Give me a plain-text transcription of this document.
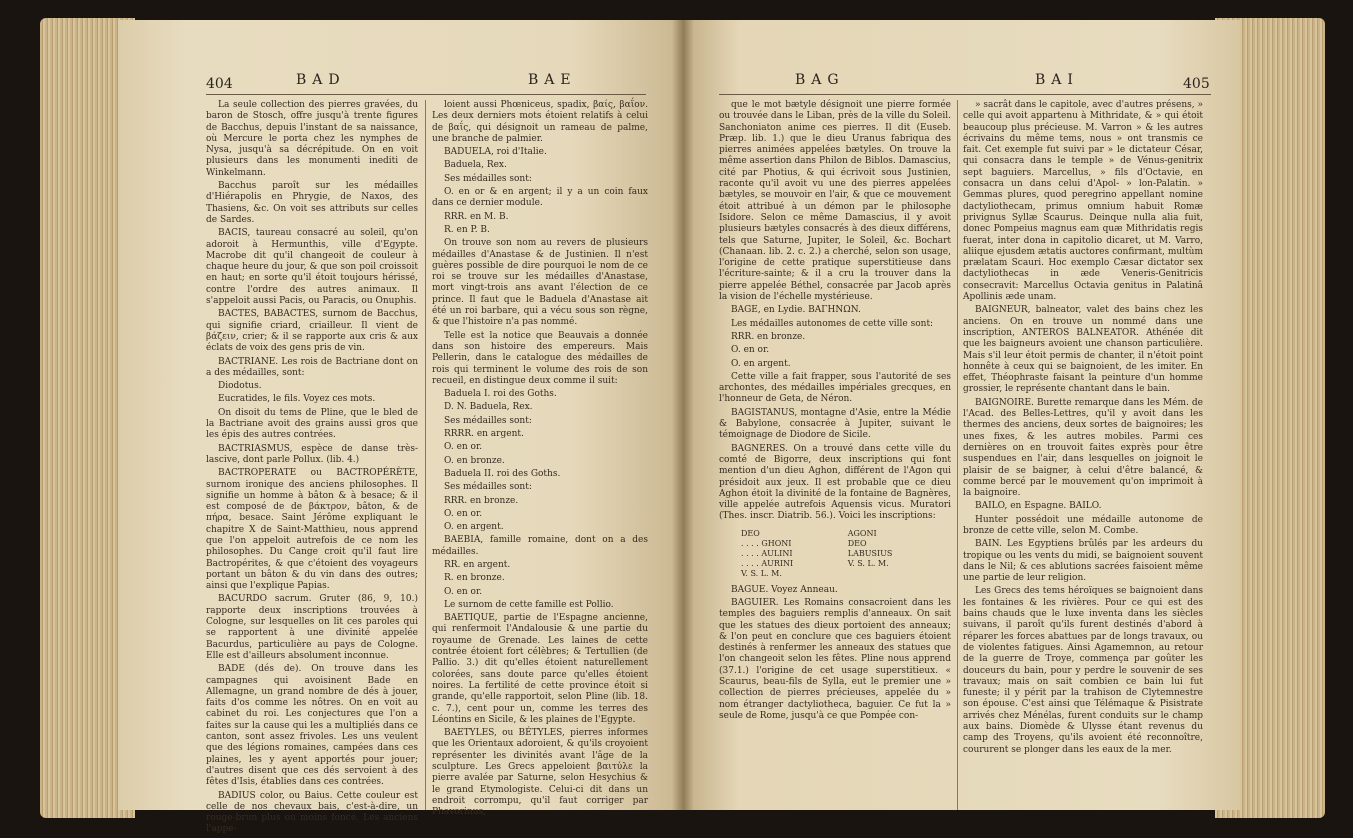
404	BAD	BAE

La seule collection des pierres gravées, du baron de Stosch, offre jusqu'à trente figures de Bacchus, depuis l'instant de sa naissance, où Mercure le porta chez les nymphes de Nysa, jusqu'à sa décrépitude. On en voit plusieurs dans les monumenti inediti de Winkelmann.

Bacchus paroît sur les médailles d'Hiérapolis en Phrygie, de Naxos, des Thasiens, &c. On voit ses attributs sur celles de Sardes.

BACIS, taureau consacré au soleil, qu'on adoroit à Hermunthis, ville d'Egypte. Macrobe dit qu'il changeoit de couleur à chaque heure du jour, & que son poil croissoit en haut; en sorte qu'il étoit toujours hérissé, contre l'ordre des autres animaux. Il s'appeloit aussi Pacis, ou Paracis, ou Onuphis.

BACTES, BABACTES, surnom de Bacchus, qui signifie criard, criailleur. Il vient de βάζειν, crier; & il se rapporte aux cris & aux éclats de voix des gens pris de vin.

BACTRIANE. Les rois de Bactriane dont on a des médailles, sont:

Diodotus.

Eucratides, le fils. Voyez ces mots.

On disoit du tems de Pline, que le bled de la Bactriane avoit des grains aussi gros que les épis des autres contrées.

BACTRIASMUS, espèce de danse très-lascive, dont parle Pollux. (lib. 4.)

BACTROPERATE ou BACTROPÉRÈTE, surnom ironique des anciens philosophes. Il signifie un homme à bâton & à besace; & il est composé de de βάκτρον, bâton, & de πήρα, besace. Saint Jérôme expliquant le chapitre X de Saint-Matthieu, nous apprend que l'on appeloit autrefois de ce nom les philosophes. Du Cange croit qu'il faut lire Bactropérites, & que c'étoient des voyageurs portant un bâton & du vin dans des outres; ainsi que l'explique Papias.

BACURDO sacrum. Gruter (86, 9, 10.) rapporte deux inscriptions trouvées à Cologne, sur lesquelles on lit ces paroles qui se rapportent à une divinité appelée Bacurdus, particulière au pays de Cologne. Elle est d'ailleurs absolument inconnue.

BADE (dés de). On trouve dans les campagnes qui avoisinent Bade en Allemagne, un grand nombre de dés à jouer, faits d'os comme les nôtres. On en voit au cabinet du roi. Les conjectures que l'on a faites sur la cause qui les a multipliés dans ce canton, sont assez frivoles. Les uns veulent que des légions romaines, campées dans ces plaines, les y ayent apportés pour jouer; d'autres disent que ces dés servoient à des fêtes d'Isis, établies dans ces contrées.

BADIUS color, ou Baius. Cette couleur est celle de nos chevaux bais, c'est-à-dire, un rouge-brun plus ou moins foncé. Les anciens l'appe-

loient aussi Phœniceus, spadix, βαίς, βαΐον. Les deux derniers mots étoient relatifs à celui de βαΐς, qui désignoit un rameau de palme, une branche de palmier.

BADUELA, roi d'Italie.

Baduela, Rex.

Ses médailles sont:

O. en or & en argent; il y a un coin faux dans ce dernier module.

RRR. en M. B.

R. en P. B.

On trouve son nom au revers de plusieurs médailles d'Anastase & de Justinien. Il n'est guères possible de dire pourquoi le nom de ce roi se trouve sur les médailles d'Anastase, mort vingt-trois ans avant l'élection de ce prince. Il faut que le Baduela d'Anastase ait été un roi barbare, qui a vécu sous son règne, & que l'histoire n'a pas nommé.

Telle est la notice que Beauvais a donnée dans son histoire des empereurs. Mais Pellerin, dans le catalogue des médailles de rois qui terminent le volume des rois de son recueil, en distingue deux comme il suit:

Baduela I. roi des Goths.

D. N. Baduela, Rex.

Ses médailles sont:

RRRR. en argent.

O. en or.

O. en bronze.

Baduela II. roi des Goths.

Ses médailles sont:

RRR. en bronze.

O. en or.

O. en argent.

BAEBIA, famille romaine, dont on a des médailles.

RR. en argent.

R. en bronze.

O. en or.

Le surnom de cette famille est Pollio.

BAETIQUE, partie de l'Espagne ancienne, qui renfermoit l'Andalousie & une partie du royaume de Grenade. Les laines de cette contrée étoient fort célèbres; & Tertullien (de Pallio. 3.) dit qu'elles étoient naturellement colorées, sans doute parce qu'elles étoient noires. La fertilité de cette province étoit si grande, qu'elle rapportoit, selon Pline (lib. 18. c. 7.), cent pour un, comme les terres des Léontins en Sicile, & les plaines de l'Egypte.

BAETYLES, ou BÉTYLES, pierres informes que les Orientaux adoroient, & qu'ils croyoient représenter les divinités avant l'âge de la sculpture. Les Grecs appeloient βαιτύλε la pierre avalée par Saturne, selon Hesychius & le grand Etymologiste. Celui-ci dit dans un endroit corrompu, qu'il faut corriger par Phavorinus,

BAG	BAI	405

que le mot bætyle désignoit une pierre formée ou trouvée dans le Liban, près de la ville du Soleil. Sanchoniaton anime ces pierres. Il dit (Euseb. Præp. lib. 1.) que le dieu Uranus fabriqua des pierres animées appelées bætyles. On trouve la même assertion dans Philon de Biblos. Damascius, cité par Photius, & qui écrivoit sous Justinien, raconte qu'il avoit vu une des pierres appelées bætyles, se mouvoir en l'air, & que ce mouvement étoit attribué à un démon par le philosophe Isidore. Selon ce même Damascius, il y avoit plusieurs bætyles consacrés à des dieux différens, tels que Saturne, Jupiter, le Soleil, &c. Bochart (Chanaan. lib. 2. c. 2.) a cherché, selon son usage, l'origine de cette pratique superstitieuse dans l'écriture-sainte; & il a cru la trouver dans la pierre appelée Béthel, consacrée par Jacob après la vision de l'échelle mystérieuse.

BAGE, en Lydie. BAΓHNΩN.

Les médailles autonomes de cette ville sont:

RRR. en bronze.

O. en or.

O. en argent.

Cette ville a fait frapper, sous l'autorité de ses archontes, des médailles impériales grecques, en l'honneur de Geta, de Néron.

BAGISTANUS, montagne d'Asie, entre la Médie & Babylone, consacrée à Jupiter, suivant le témoignage de Diodore de Sicile.

BAGNERES. On a trouvé dans cette ville du comté de Bigorre, deux inscriptions qui font mention d'un dieu Aghon, différent de l'Agon qui présidoit aux jeux. Il est probable que ce dieu Aghon étoit la divinité de la fontaine de Bagnères, ville appelée autrefois Aquensis vicus. Muratori (Thes. inscr. Diatrib. 56.). Voici les inscriptions:

DEO	AGONI
. . . . GHONI	DEO
. . . . AULINI	LABUSIUS
. . . . AURINI	V. S. L. M.
V. S. L. M.	

BAGUE. Voyez Anneau.

BAGUIER. Les Romains consacroient dans les temples des baguiers remplis d'anneaux. On sait que les statues des dieux portoient des anneaux; & l'on peut en conclure que ces baguiers étoient destinés à renfermer les anneaux des statues que l'on changeoit selon les fêtes. Pline nous apprend (37.1.) l'origine de cet usage superstitieux. « Scaurus, beau-fils de Sylla, eut le premier une » collection de pierres précieuses, appelée du » nom étranger dactyliotheca, baguier. Ce fut la » seule de Rome, jusqu'à ce que Pompée con-

» sacrât dans le capitole, avec d'autres présens, » celle qui avoit appartenu à Mithridate, & » qui étoit beaucoup plus précieuse. M. Varron » & les autres écrivains du même tems, nous » ont transmis ce fait. Cet exemple fut suivi par » le dictateur César, qui consacra dans le temple » de Vénus-genitrix sept baguiers. Marcellus, » fils d'Octavie, en consacra un dans celui d'Apol- » lon-Palatin. » Gemmas plures, quod peregrino appellant nomine dactyliothecam, primus omnium habuit Romæ privignus Syllæ Scaurus. Deinque nulla alia fuit, donec Pompeius magnus eam quæ Mithridatis regis fuerat, inter dona in capitolio dicaret, ut M. Varro, aliique ejusdem ætatis auctores confirmant, multùm prælatam Scauri. Hoc exemplo Cæsar dictator sex dactyliothecas in æde Veneris-Genitricis consecravit: Marcellus Octavia genitus in Palatinâ Apollinis æde unam.

BAIGNEUR, balneator, valet des bains chez les anciens. On en trouve un nommé dans une inscription, ANTEROS BALNEATOR. Athénée dit que les baigneurs avoient une chanson particulière. Mais s'il leur étoit permis de chanter, il n'étoit point honnête à ceux qui se baignoient, de les imiter. En effet, Théophraste faisant la peinture d'un homme grossier, le représente chantant dans le bain.

BAIGNOIRE. Burette remarque dans les Mém. de l'Acad. des Belles-Lettres, qu'il y avoit dans les thermes des anciens, deux sortes de baignoires; les unes fixes, & les autres mobiles. Parmi ces dernières on en trouvoit faites exprès pour être suspendues en l'air, dans lesquelles on joignoit le plaisir de se baigner, à celui d'être balancé, & comme bercé par le mouvement qu'on imprimoit à la baignoire.

BAILO, en Espagne. BAILO.

Hunter possédoit une médaille autonome de bronze de cette ville, selon M. Combe.

BAIN. Les Egyptiens brûlés par les ardeurs du tropique ou les vents du midi, se baignoient souvent dans le Nil; & ces ablutions sacrées faisoient même une partie de leur religion.

Les Grecs des tems héroïques se baignoient dans les fontaines & les rivières. Pour ce qui est des bains chauds que le luxe inventa dans les siècles suivans, il paroît qu'ils furent destinés d'abord à réparer les forces abattues par de longs travaux, ou de violentes fatigues. Ainsi Agamemnon, au retour de la guerre de Troye, commença par goûter les douceurs du bain, pour y perdre le souvenir de ses travaux; mais on sait combien ce bain lui fut funeste; il y périt par la trahison de Clytemnestre son épouse. C'est ainsi que Télémaque & Pisistrate arrivés chez Ménélas, furent conduits sur le champ aux bains. Diomède & Ulysse étant revenus du camp des Troyens, qu'ils avoient été reconnoître, coururent se plonger dans les eaux de la mer.
